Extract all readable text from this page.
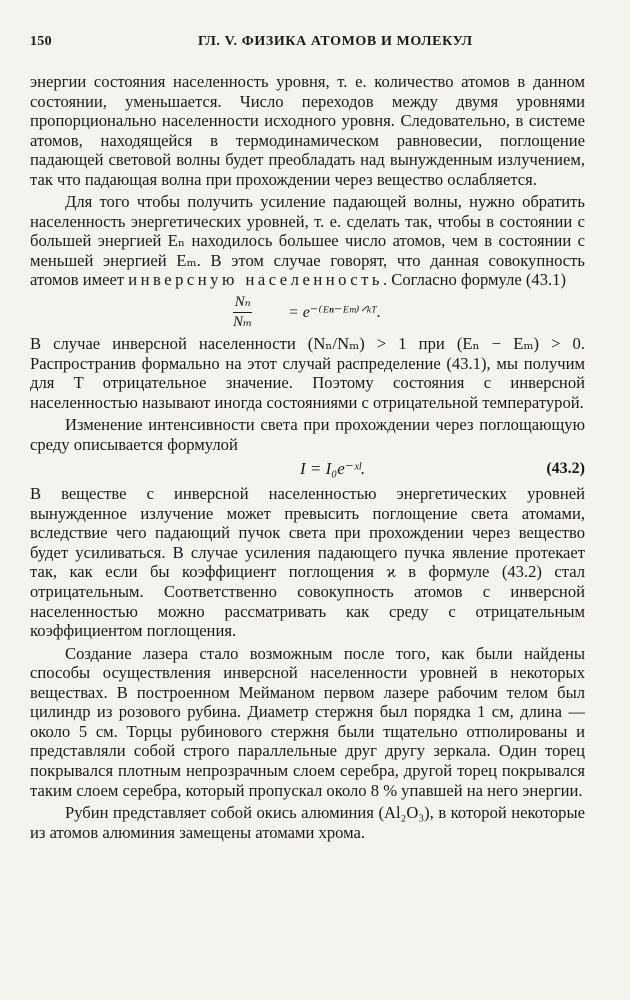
150	ГЛ. V. ФИЗИКА АТОМОВ И МОЛЕКУЛ

энергии состояния населенность уровня, т. е. количество атомов в данном состоянии, уменьшается. Число переходов между двумя уровнями пропорционально населенности исходного уровня. Следовательно, в системе атомов, находящейся в термодинамическом равновесии, поглощение падающей световой волны будет преобладать над вынужденным излучением, так что падающая волна при прохождении через вещество ослабляется.

Для того чтобы получить усиление падающей волны, нужно обратить населенность энергетических уровней, т. е. сделать так, чтобы в состоянии с большей энергией Eₙ находилось большее число атомов, чем в состоянии с меньшей энергией Eₘ. В этом случае говорят, что данная совокупность атомов имеет инверсную населенность. Согласно формуле (43.1)

Nₙ
Nₘ
= e⁻⁽ᴱⁿ⁻ᴱᵐ⁾ᐟᵏᵀ.

В случае инверсной населенности (Nₙ/Nₘ) > 1 при (Eₙ − Eₘ) > 0. Распространив формально на этот случай распределение (43.1), мы получим для T отрицательное значение. Поэтому состояния с инверсной населенностью называют иногда состояниями с отрицательной температурой.

Изменение интенсивности света при прохождении через поглощающую среду описывается формулой

I = I₀e⁻ˣˡ.	(43.2)

В веществе с инверсной населенностью энергетических уровней вынужденное излучение может превысить поглощение света атомами, вследствие чего падающий пучок света при прохождении через вещество будет усиливаться. В случае усиления падающего пучка явление протекает так, как если бы коэффициент поглощения ϰ в формуле (43.2) стал отрицательным. Соответственно совокупность атомов с инверсной населенностью можно рассматривать как среду с отрицательным коэффициентом поглощения.

Создание лазера стало возможным после того, как были найдены способы осуществления инверсной населенности уровней в некоторых веществах. В построенном Мейманом первом лазере рабочим телом был цилиндр из розового рубина. Диаметр стержня был порядка 1 см, длина — около 5 см. Торцы рубинового стержня были тщательно отполированы и представляли собой строго параллельные друг другу зеркала. Один торец покрывался плотным непрозрачным слоем серебра, другой торец покрывался таким слоем серебра, который пропускал около 8 % упавшей на него энергии.

Рубин представляет собой окись алюминия (Al₂O₃), в которой некоторые из атомов алюминия замещены атомами хрома.
